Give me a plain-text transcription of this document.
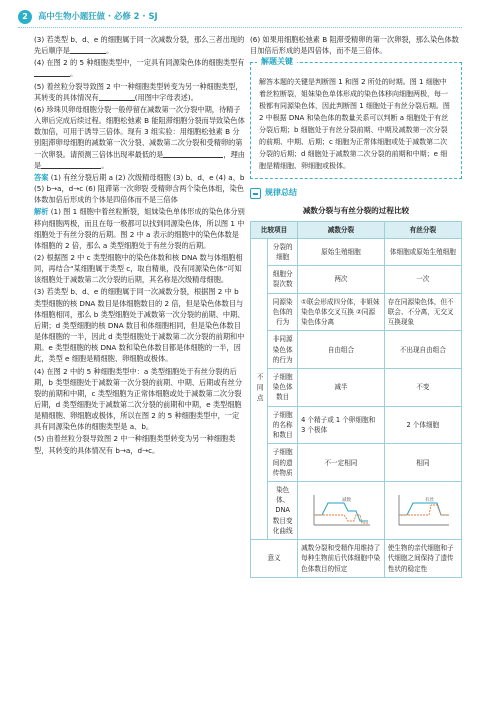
2	高中生物小题狂做 · 必修 2 · SJ

(3) 若类型 b、d、e 的细胞属于同一次减数分裂，那么三者出现的先后顺序是	。

(4) 在图 2 的 5 种细胞类型中，一定具有同源染色体的细胞类型有。

(5) 着丝粒分裂导致图 2 中一种细胞类型转变为另一种细胞类型，其转变的具体情况有	(用图中字母表述)。

(6) 珍珠贝卵母细胞分裂一般停留在减数第一次分裂中期，待精子入卵后完成后续过程。细胞松弛素 B 能阻滞细胞分裂而导致染色体数加倍，可用于诱导三倍体。现有 3 组实验：用细胞松弛素 B 分别阻滞卵母细胞的减数第一次分裂、减数第二次分裂和受精卵的第一次卵裂。请预测三倍体出现率最低的是	，理由是	。

答案 (1) 有丝分裂后期 a (2) 次级精母细胞 (3) b、d、e (4) a、b (5) b→a，d→c (6) 阻滞第一次卵裂 受精卵含两个染色体组，染色体数加倍后形成的个体是四倍体而不是三倍体

解析 (1) 图 1 细胞中着丝粒断裂，姐妹染色单体形成的染色体分别移向细胞两极，而且在每一极都可以找到同源染色体，所以图 1 中细胞处于有丝分裂的后期。图 2 中 a 表示的细胞中的染色体数是体细胞的 2 倍，那么 a 类型细胞处于有丝分裂的后期。

(2) 根据图 2 中 c 类型细胞中的染色体数和核 DNA 数与体细胞相同，再结合“某细胞属于类型 c，取自精巢，没有同源染色体”可知该细胞处于减数第二次分裂的后期，其名称是次级精母细胞。

(3) 若类型 b、d、e 的细胞属于同一次减数分裂，根据图 2 中 b 类型细胞的核 DNA 数目是体细胞数目的 2 倍，但是染色体数目与体细胞相同，那么 b 类型细胞处于减数第一次分裂的前期、中期、后期；d 类型细胞的核 DNA 数目和体细胞相同，但是染色体数目是体细胞的一半，因此 d 类型细胞处于减数第二次分裂的前期和中期。e 类型细胞的核 DNA 数和染色体数目都是体细胞的一半，因此，类型 e 细胞是精细胞、卵细胞或极体。

(4) 在图 2 中的 5 种细胞类型中：a 类型细胞处于有丝分裂的后期，b 类型细胞处于减数第一次分裂的前期、中期、后期或有丝分裂的前期和中期，c 类型细胞为正常体细胞或处于减数第二次分裂后期，d 类型细胞处于减数第二次分裂的前期和中期，e 类型细胞是精细胞、卵细胞或极体，所以在图 2 的 5 种细胞类型中，一定具有同源染色体的细胞类型是 a、b。

(5) 由着丝粒分裂导致图 2 中一种细胞类型转变为另一种细胞类型，其转变的具体情况有 b→a，d→c。

(6) 如果用细胞松弛素 B 阻滞受精卵的第一次卵裂，那么染色体数目加倍后形成的是四倍体，而不是三倍体。

解题关键

解答本题的关键是判断图 1 和图 2 所处的时期。图 1 细胞中着丝粒断裂，姐妹染色单体形成的染色体移向细胞两极，每一极都有同源染色体，因此判断图 1 细胞处于有丝分裂后期。图 2 中根据 DNA 和染色体的数量关系可以判断 a 细胞处于有丝分裂后期；b 细胞处于有丝分裂前期、中期及减数第一次分裂的前期、中期、后期；c 细胞为正常体细胞或处于减数第二次分裂的后期；d 细胞处于减数第二次分裂的前期和中期；e 细胞是精细胞、卵细胞或极体。

规律总结
减数分裂与有丝分裂的过程比较
比较项目		减数分裂	有丝分裂
不同点	分裂的细胞	原始生殖细胞	体细胞或原始生殖细胞
	细胞分裂次数	两次	一次
	同源染色体的行为	①联会形成四分体，非姐妹染色单体交叉互换 ②同源染色体分离	存在同源染色体，但不联会、不分离，无交叉互换现象
	非同源染色体的行为	自由组合	不出现自由组合
	子细胞染色体数目	减半	不变
	子细胞的名称和数目	4 个精子或 1 个卵细胞和 3 个极体	2 个体细胞
	子细胞间的遗传物质	不一定相同	相同
	染色体、DNA 数目变化曲线	减数	有丝

意义		减数分裂和受精作用维持了每种生物前后代体细胞中染色体数目的恒定	使生物的亲代细胞和子代细胞之间保持了遗传性状的稳定性
